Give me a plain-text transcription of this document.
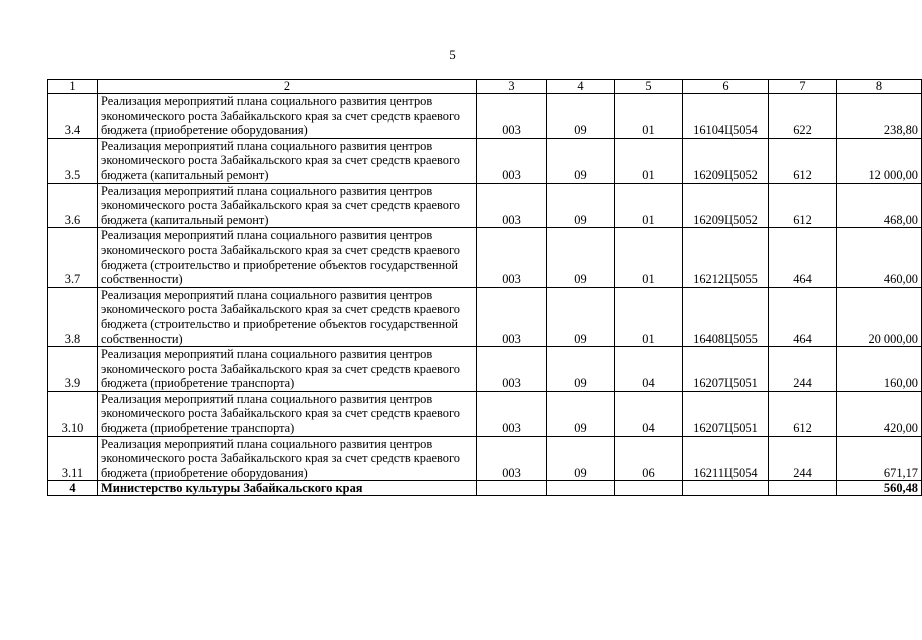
5
1	2	3	4	5	6	7	8
3.4	Реализация мероприятий плана социального развития центров экономического роста Забайкальского края за счет средств краевого бюджета (приобретение оборудования)	003	09	01	16104Ц5054	622	238,80
3.5	Реализация мероприятий плана социального развития центров экономического роста Забайкальского края за счет средств краевого бюджета (капитальный ремонт)	003	09	01	16209Ц5052	612	12 000,00
3.6	Реализация мероприятий плана социального развития центров экономического роста Забайкальского края за счет средств краевого бюджета (капитальный ремонт)	003	09	01	16209Ц5052	612	468,00
3.7	Реализация мероприятий плана социального развития центров экономического роста Забайкальского края за счет средств краевого бюджета (строительство и приобретение объектов государственной собственности)	003	09	01	16212Ц5055	464	460,00
3.8	Реализация мероприятий плана социального развития центров экономического роста Забайкальского края за счет средств краевого бюджета (строительство и приобретение объектов государственной собственности)	003	09	01	16408Ц5055	464	20 000,00
3.9	Реализация мероприятий плана социального развития центров экономического роста Забайкальского края за счет средств краевого бюджета (приобретение транспорта)	003	09	04	16207Ц5051	244	160,00
3.10	Реализация мероприятий плана социального развития центров экономического роста Забайкальского края за счет средств краевого бюджета (приобретение транспорта)	003	09	04	16207Ц5051	612	420,00
3.11	Реализация мероприятий плана социального развития центров экономического роста Забайкальского края за счет средств краевого бюджета (приобретение оборудования)	003	09	06	16211Ц5054	244	671,17
4	Министерство культуры Забайкальского края						560,48
